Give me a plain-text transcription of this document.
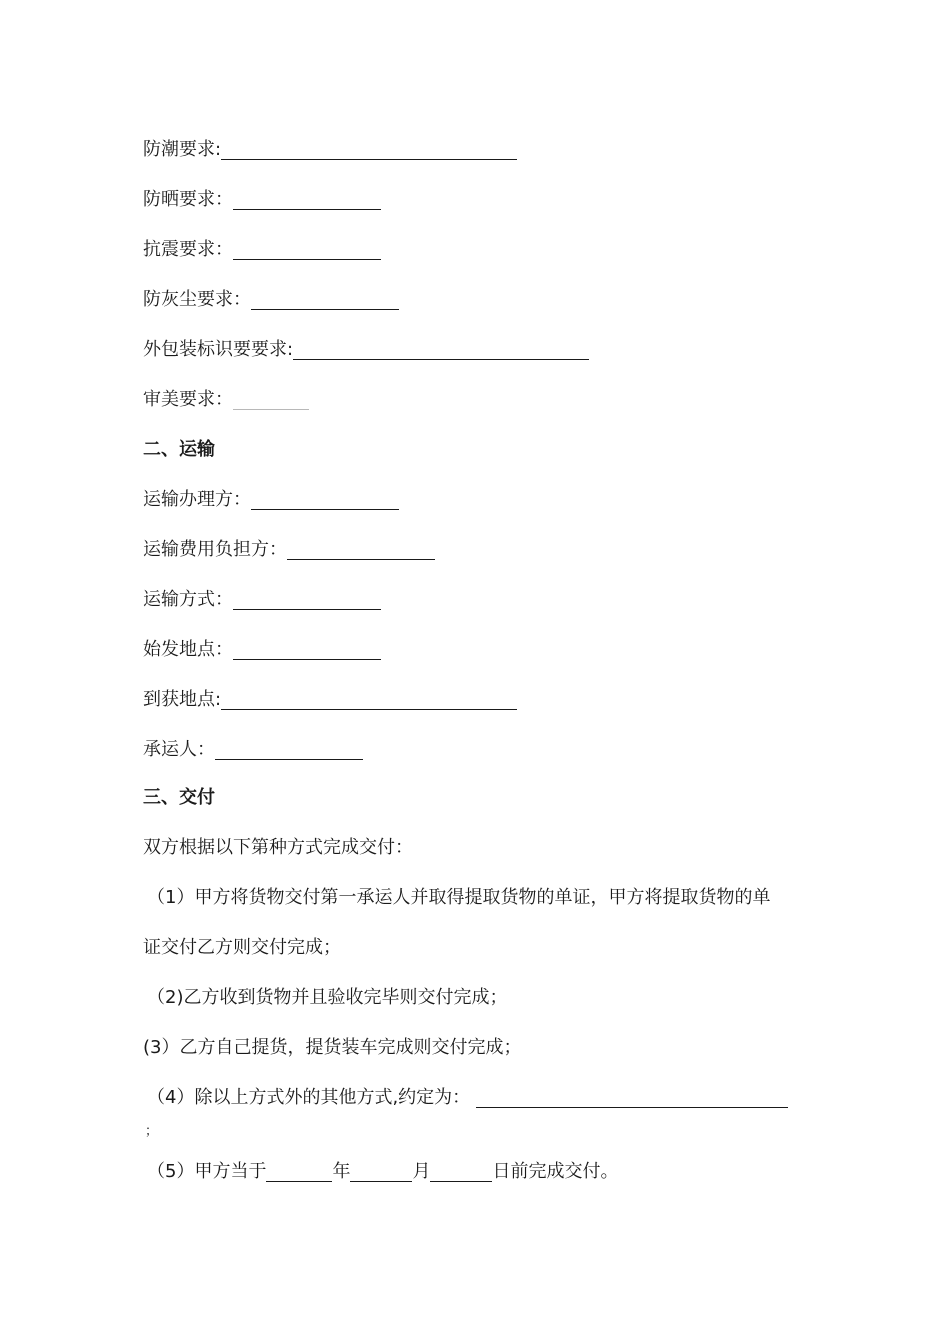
防潮要求:
防晒要求：
抗震要求：
防灰尘要求：
外包装标识要要求:
审美要求：
二、运输
运输办理方：
运输费用负担方：
运输方式：
始发地点：
到获地点:
承运人：
三、交付
双方根据以下第种方式完成交付：
（1）甲方将货物交付第一承运人并取得提取货物的单证，甲方将提取货物的单
证交付乙方则交付完成；
（2)乙方收到货物并且验收完毕则交付完成；
(3）乙方自己提货，提货装车完成则交付完成；
（4）除以上方式外的其他方式,约定为：
；
（5）甲方当于	年	月	日前完成交付。
